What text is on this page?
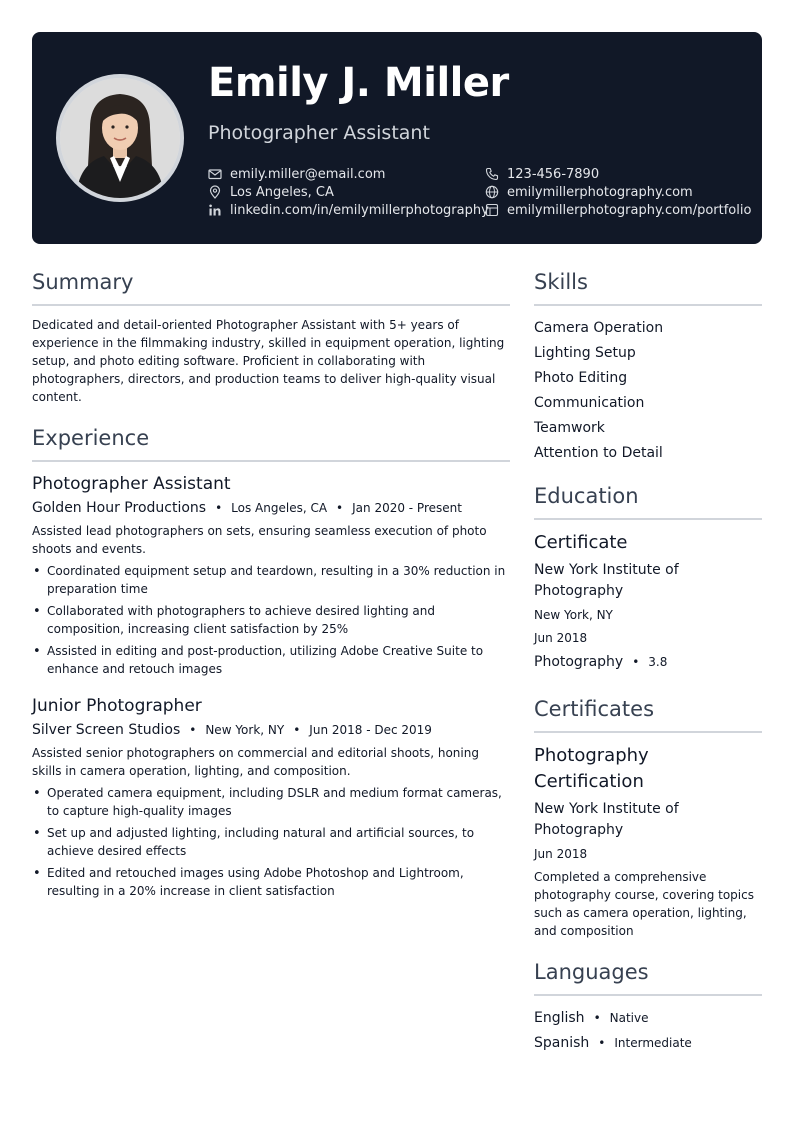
Emily J. Miller
Photographer Assistant
emily.miller@email.com
Los Angeles, CA
linkedin.com/in/emilymillerphotography
123-456-7890
emilymillerphotography.com
emilymillerphotography.com/portfolio
Summary

Dedicated and detail-oriented Photographer Assistant with 5+ years of experience in the filmmaking industry, skilled in equipment operation, lighting setup, and photo editing software. Proficient in collaborating with photographers, directors, and production teams to deliver high-quality visual content.

Experience
Photographer Assistant
Golden Hour Productions • Los Angeles, CA • Jan 2020 - Present

Assisted lead photographers on sets, ensuring seamless execution of photo shoots and events.

• Coordinated equipment setup and teardown, resulting in a 30% reduction in preparation time
• Collaborated with photographers to achieve desired lighting and composition, increasing client satisfaction by 25%
• Assisted in editing and post-production, utilizing Adobe Creative Suite to enhance and retouch images
Junior Photographer
Silver Screen Studios • New York, NY • Jun 2018 - Dec 2019

Assisted senior photographers on commercial and editorial shoots, honing skills in camera operation, lighting, and composition.

• Operated camera equipment, including DSLR and medium format cameras, to capture high-quality images
• Set up and adjusted lighting, including natural and artificial sources, to achieve desired effects
• Edited and retouched images using Adobe Photoshop and Lightroom, resulting in a 20% increase in client satisfaction
Skills
Camera Operation
Lighting Setup
Photo Editing
Communication
Teamwork
Attention to Detail
Education
Certificate
New York Institute of Photography
New York, NY
Jun 2018
Photography • 3.8
Certificates
Photography Certification
New York Institute of Photography
Jun 2018

Completed a comprehensive photography course, covering topics such as camera operation, lighting, and composition

Languages
English • Native
Spanish • Intermediate
